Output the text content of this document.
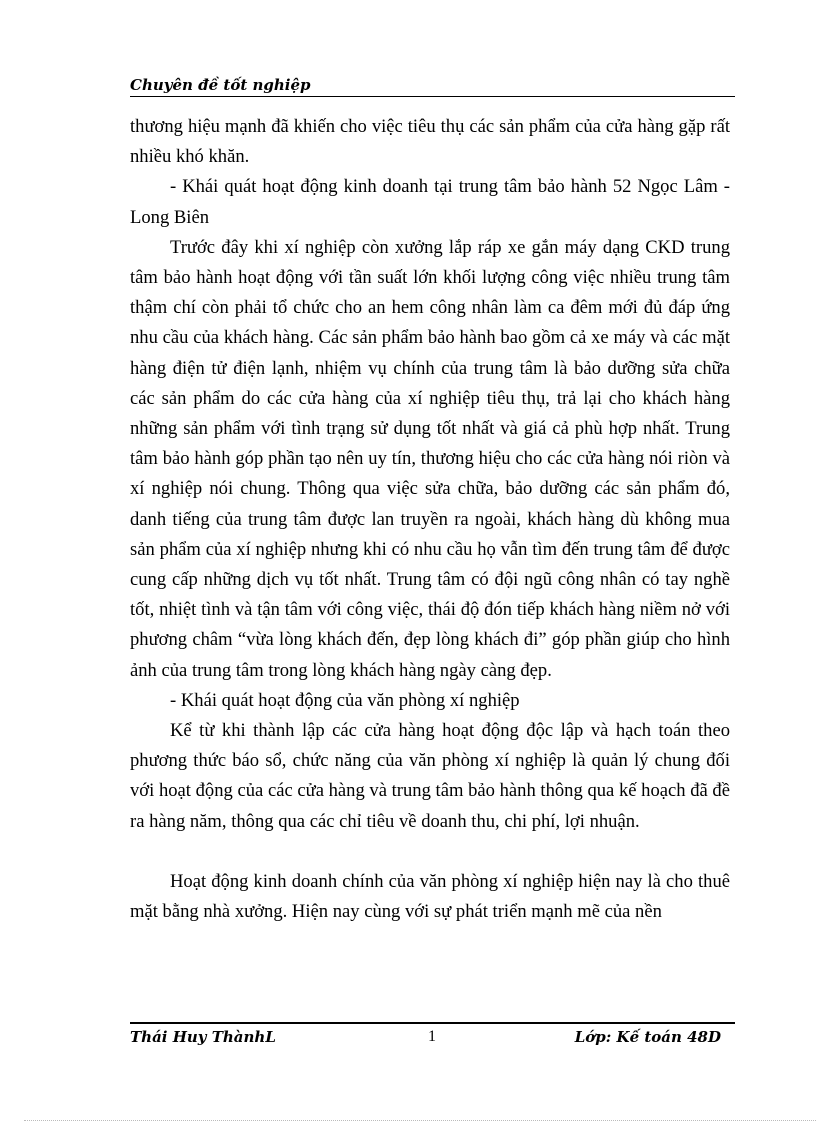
Chuyên đề tốt nghiệp

thương hiệu mạnh đã khiến cho việc tiêu thụ các sản phẩm của cửa hàng gặp rất nhiều khó khăn.

- Khái quát hoạt động kinh doanh tại trung tâm bảo hành 52 Ngọc Lâm - Long Biên

Trước đây khi xí nghiệp còn xưởng lắp ráp xe gắn máy dạng CKD trung tâm bảo hành hoạt động với tần suất lớn khối lượng công việc nhiều trung tâm thậm chí còn phải tổ chức cho an hem công nhân làm ca đêm mới đủ đáp ứng nhu cầu của khách hàng. Các sản phẩm bảo hành bao gồm cả xe máy và các mặt hàng điện tử điện lạnh, nhiệm vụ chính của trung tâm là bảo dưỡng sửa chữa các sản phẩm do các cửa hàng của xí nghiệp tiêu thụ, trả lại cho khách hàng những sản phẩm với tình trạng sử dụng tốt nhất và giá cả phù hợp nhất. Trung tâm bảo hành góp phần tạo nên uy tín, thương hiệu cho các cửa hàng nói riòn và xí nghiệp nói chung. Thông qua việc sửa chữa, bảo dưỡng các sản phẩm đó, danh tiếng của trung tâm được lan truyền ra ngoài, khách hàng dù không mua sản phẩm của xí nghiệp nhưng khi có nhu cầu họ vẫn tìm đến trung tâm để được cung cấp những dịch vụ tốt nhất. Trung tâm có đội ngũ công nhân có tay nghề tốt, nhiệt tình và tận tâm với công việc, thái độ đón tiếp khách hàng niềm nở với phương châm “vừa lòng khách đến, đẹp lòng khách đi” góp phần giúp cho hình ảnh của trung tâm trong lòng khách hàng ngày càng đẹp.

- Khái quát hoạt động của văn phòng xí nghiệp

Kể từ khi thành lập các cửa hàng hoạt động độc lập và hạch toán theo phương thức báo sổ, chức năng của văn phòng xí nghiệp là quản lý chung đối với hoạt động của các cửa hàng và trung tâm bảo hành thông qua kế hoạch đã đề ra hàng năm, thông qua các chỉ tiêu về doanh thu, chi phí, lợi nhuận.

Hoạt động kinh doanh chính của văn phòng xí nghiệp hiện nay là cho thuê mặt bằng nhà xưởng. Hiện nay cùng với sự phát triển mạnh mẽ của nền

Thái Huy ThànhL	1	Lớp: Kế toán 48D
